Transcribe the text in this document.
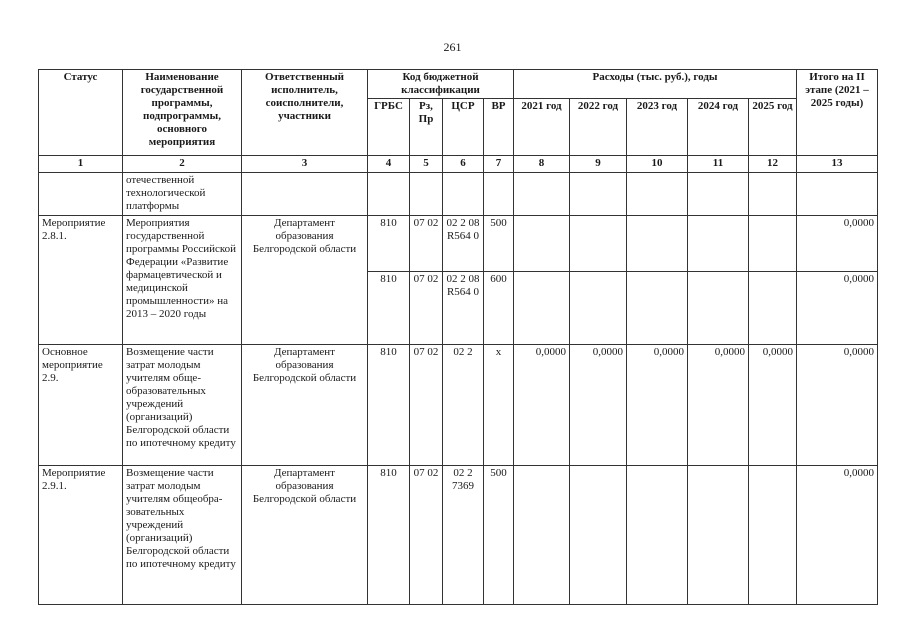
261
Статус	Наименование государственной программы, подпрограммы, основного мероприятия	Ответственный исполнитель, соисполнители, участники	Код бюджетной классификации				Расходы (тыс. руб.), годы					Итого на II этапе (2021 – 2025 годы)
			ГРБС	Рз, Пр	ЦСР	ВР	2021 год	2022 год	2023 год	2024 год	2025 год	
1	2	3	4	5	6	7	8	9	10	11	12	13
	отечественной технологической платформы											
Мероприятие 2.8.1.	Мероприятия государственной программы Российской Федерации «Развитие фармацевтической и медицинской промышленности» на 2013 – 2020 годы	Департамент образования Белгородской области	810	07 02	02 2 08 R564 0	500						0,0000
			810	07 02	02 2 08 R564 0	600						0,0000
Основное мероприятие 2.9.	Возмещение части затрат молодым учителям обще-образовательных учреждений (организаций) Белгородской области по ипотечному кредиту	Департамент образования Белгородской области	810	07 02	02 2	х	0,0000	0,0000	0,0000	0,0000	0,0000	0,0000
Мероприятие 2.9.1.	Возмещение части затрат молодым учителям общеобра-зовательных учреждений (организаций) Белгородской области по ипотечному кредиту	Департамент образования Белгородской области	810	07 02	02 2 7369	500						0,0000
